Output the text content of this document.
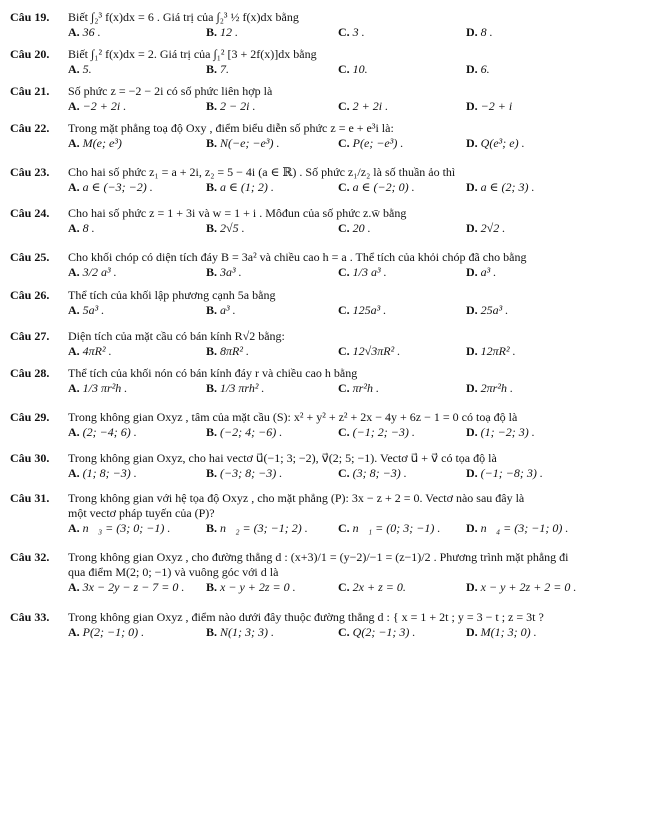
Câu 19. Biết ∫₂³ f(x)dx = 6 . Giá trị của ∫₂³ ½ f(x)dx bằng
A. 36 .	B. 12 .	C. 3 .	D. 8 .
Câu 20. Biết ∫₁² f(x)dx = 2. Giá trị của ∫₁² [3 + 2f(x)]dx bằng
A. 5.	B. 7.	C. 10.	D. 6.
Câu 21. Số phức z = −2 − 2i có số phức liên hợp là
A. −2 + 2i .	B. 2 − 2i .	C. 2 + 2i .	D. −2 + i
Câu 22. Trong mặt phẳng toạ độ Oxy , điểm biểu diễn số phức z = e + e³i là:
A. M(e; e³)	B. N(−e; −e³) .	C. P(e; −e³) .	D. Q(e³; e) .
Câu 23. Cho hai số phức z₁ = a + 2i, z₂ = 5 − 4i (a ∈ ℝ) . Số phức z₁/z₂ là số thuần ảo thì
A. a ∈ (−3; −2) .	B. a ∈ (1; 2) .	C. a ∈ (−2; 0) .	D. a ∈ (2; 3) .
Câu 24. Cho hai số phức z = 1 + 3i và w = 1 + i . Môđun của số phức z.w̄ bằng
A. 8 .	B. 2√5 .	C. 20 .	D. 2√2 .
Câu 25. Cho khối chóp có diện tích đáy B = 3a² và chiều cao h = a . Thể tích của khỏi chóp đã cho bằng
A. 3/2 a³ .	B. 3a³ .	C. 1/3 a³ .	D. a³ .
Câu 26. Thể tích của khối lập phương cạnh 5a bằng
A. 5a³ .	B. a³ .	C. 125a³ .	D. 25a³ .
Câu 27. Diện tích của mặt cầu có bán kính R√2 bằng:
A. 4πR² .	B. 8πR² .	C. 12√3πR² .	D. 12πR² .
Câu 28. Thể tích của khối nón có bán kính đáy r và chiều cao h bằng
A. 1/3 πr²h .	B. 1/3 πrh² .	C. πr²h .	D. 2πr²h .
Câu 29. Trong không gian Oxyz , tâm của mặt cầu (S): x² + y² + z² + 2x − 4y + 6z − 1 = 0 có toạ độ là
A. (2; −4; 6) .	B. (−2; 4; −6) .	C. (−1; 2; −3) .	D. (1; −2; 3) .
Câu 30. Trong không gian Oxyz, cho hai vectơ u⃗(−1; 3; −2), v⃗(2; 5; −1). Vectơ u⃗ + v⃗ có tọa độ là
A. (1; 8; −3) .	B. (−3; 8; −3) .	C. (3; 8; −3) .	D. (−1; −8; 3) .
Câu 31. Trong không gian với hệ tọa độ Oxyz , cho mặt phẳng (P): 3x − z + 2 = 0. Vectơ nào sau đây là
một vectơ pháp tuyến của (P)?
A. n⃗₃ = (3; 0; −1) .	B. n⃗₂ = (3; −1; 2) .	C. n⃗₁ = (0; 3; −1) . D. n⃗₄ = (3; −1; 0) .
Câu 32. Trong không gian Oxyz , cho đường thẳng d : (x+3)/1 = (y−2)/−1 = (z−1)/2 . Phương trình mặt phẳng đi
qua điểm M(2; 0; −1) và vuông góc với d là
A. 3x − 2y − z − 7 = 0 . B. x − y + 2z = 0 .	C. 2x + z = 0.	D. x − y + 2z + 2 = 0 .
Câu 33. Trong không gian Oxyz , điểm nào dưới đây thuộc đường thẳng d : { x = 1 + 2t ; y = 3 − t ; z = 3t ?
A. P(2; −1; 0) .	B. N(1; 3; 3) .	C. Q(2; −1; 3) .	D. M(1; 3; 0) .
